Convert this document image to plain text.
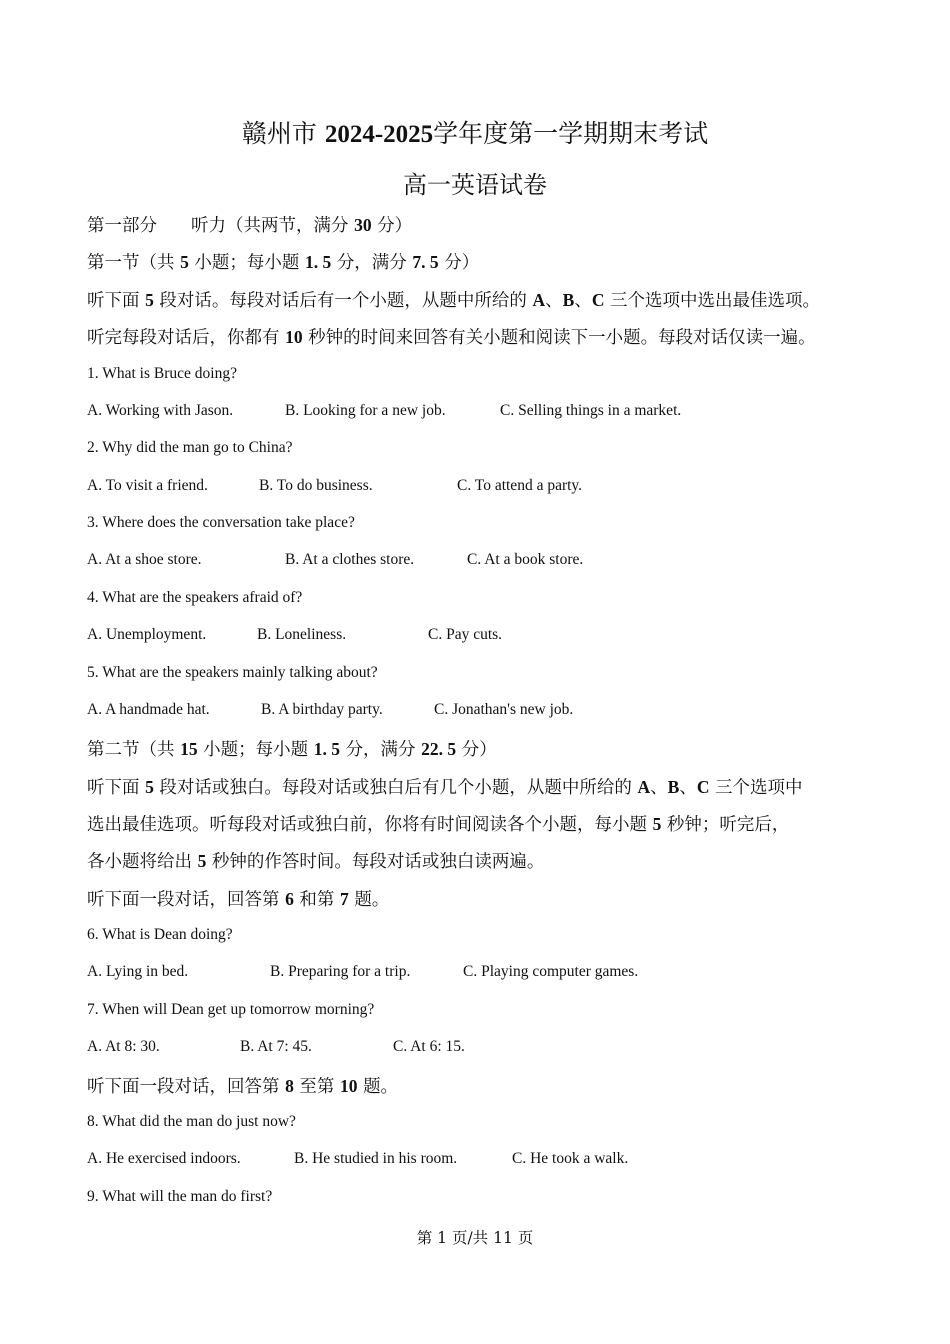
赣州市 2024-2025学年度第一学期期末考试
高一英语试卷
第一部分 听力（共两节，满分 30 分）
第一节（共 5 小题；每小题 1. 5 分，满分 7. 5 分）
听下面 5 段对话。每段对话后有一个小题，从题中所给的 A、B、C 三个选项中选出最佳选项。
听完每段对话后，你都有 10 秒钟的时间来回答有关小题和阅读下一小题。每段对话仅读一遍。
1. What is Bruce doing?
A. Working with Jason.	B. Looking for a new job.	C. Selling things in a market.
2. Why did the man go to China?
A. To visit a friend.	B. To do business.	C. To attend a party.
3. Where does the conversation take place?
A. At a shoe store.	B. At a clothes store.	C. At a book store.
4. What are the speakers afraid of?
A. Unemployment.	B. Loneliness.	C. Pay cuts.
5. What are the speakers mainly talking about?
A. A handmade hat.	B. A birthday party.	C. Jonathan's new job.
第二节（共 15 小题；每小题 1. 5 分，满分 22. 5 分）
听下面 5 段对话或独白。每段对话或独白后有几个小题，从题中所给的 A、B、C 三个选项中
选出最佳选项。听每段对话或独白前，你将有时间阅读各个小题，每小题 5 秒钟；听完后，
各小题将给出 5 秒钟的作答时间。每段对话或独白读两遍。
听下面一段对话，回答第 6 和第 7 题。
6. What is Dean doing?
A. Lying in bed.	B. Preparing for a trip.	C. Playing computer games.
7. When will Dean get up tomorrow morning?
A. At 8: 30.	B. At 7: 45.	C. At 6: 15.
听下面一段对话，回答第 8 至第 10 题。
8. What did the man do just now?
A. He exercised indoors.	B. He studied in his room.	C. He took a walk.
9. What will the man do first?
第 1 页/共 11 页
